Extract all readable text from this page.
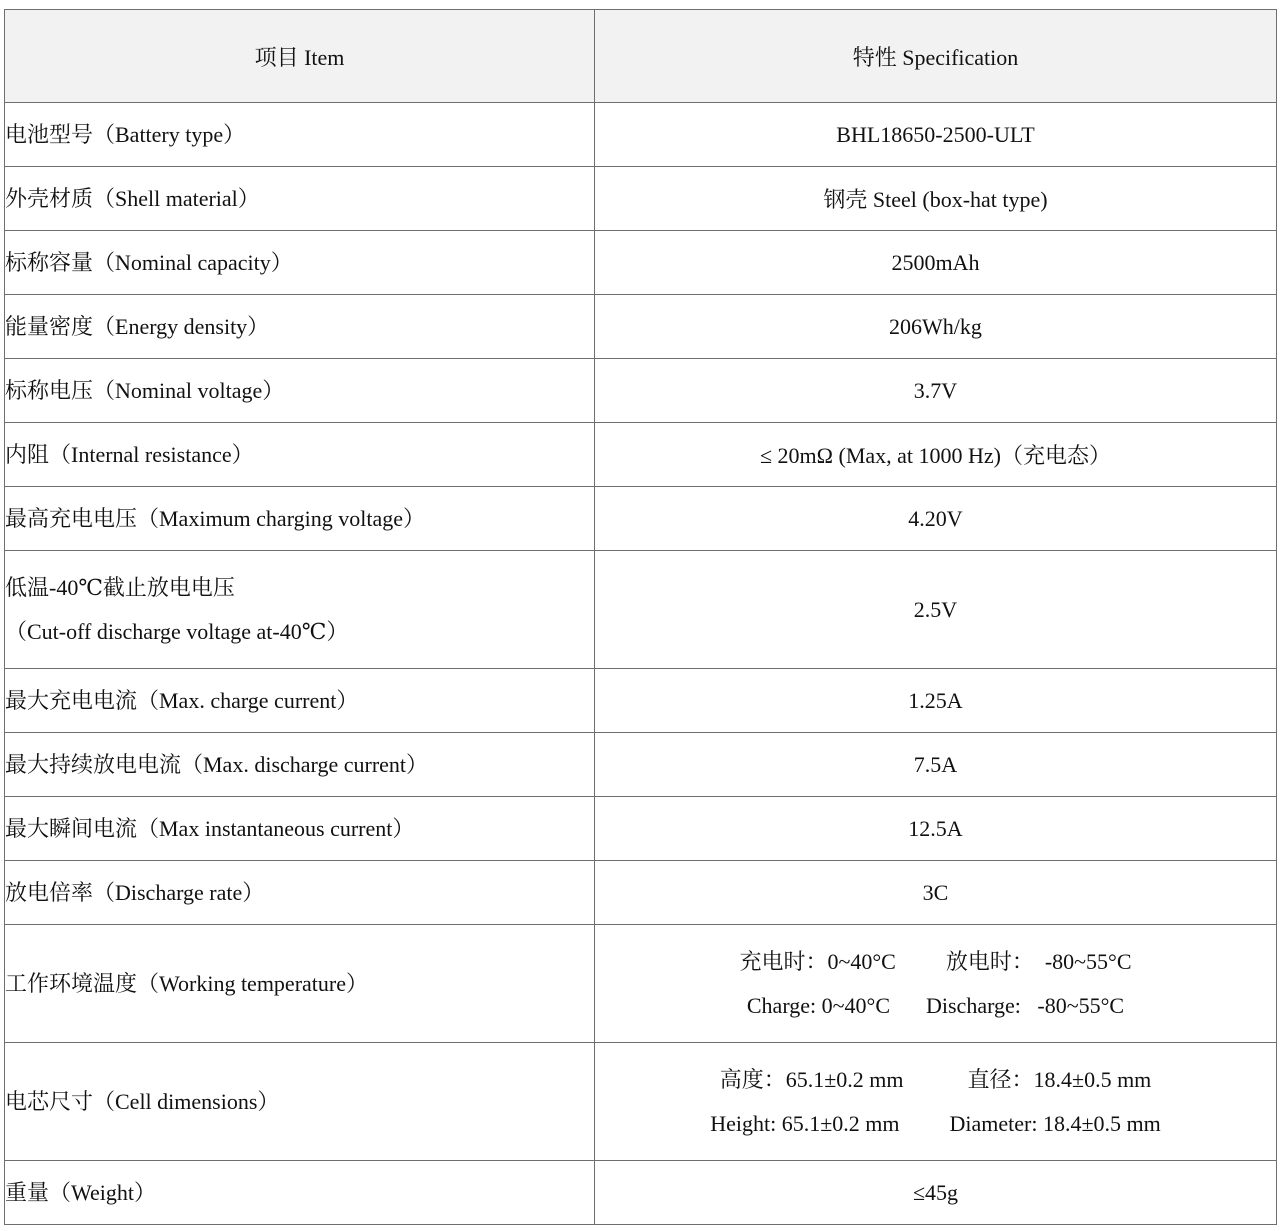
项目 Item	特性 Specification
电池型号（Battery type）	BHL18650-2500-ULT
外壳材质（Shell material）	钢壳 Steel (box-hat type)
标称容量（Nominal capacity）	2500mAh
能量密度（Energy density）	206Wh/kg
标称电压（Nominal voltage）	3.7V
内阻（Internal resistance）	≤ 20mΩ (Max, at 1000 Hz)（充电态）
最高充电电压（Maximum charging voltage）	4.20V

低温-40℃截止放电电压
（Cut-off discharge voltage at-40℃）	2.5V
最大充电电流（Max. charge current）	1.25A
最大持续放电电流（Max. discharge current）	7.5A
最大瞬间电流（Max instantaneous current）	12.5A
放电倍率（Discharge rate）	3C
工作环境温度（Working temperature）	充电时：0~40°C 放电时：  -80~55°C
Charge: 0~40°C Discharge:   -80~55°C

电芯尺寸（Cell dimensions）	高度：65.1±0.2 mm 直径：18.4±0.5 mm
Height: 65.1±0.2 mm Diameter: 18.4±0.5 mm

重量（Weight）	≤45g
